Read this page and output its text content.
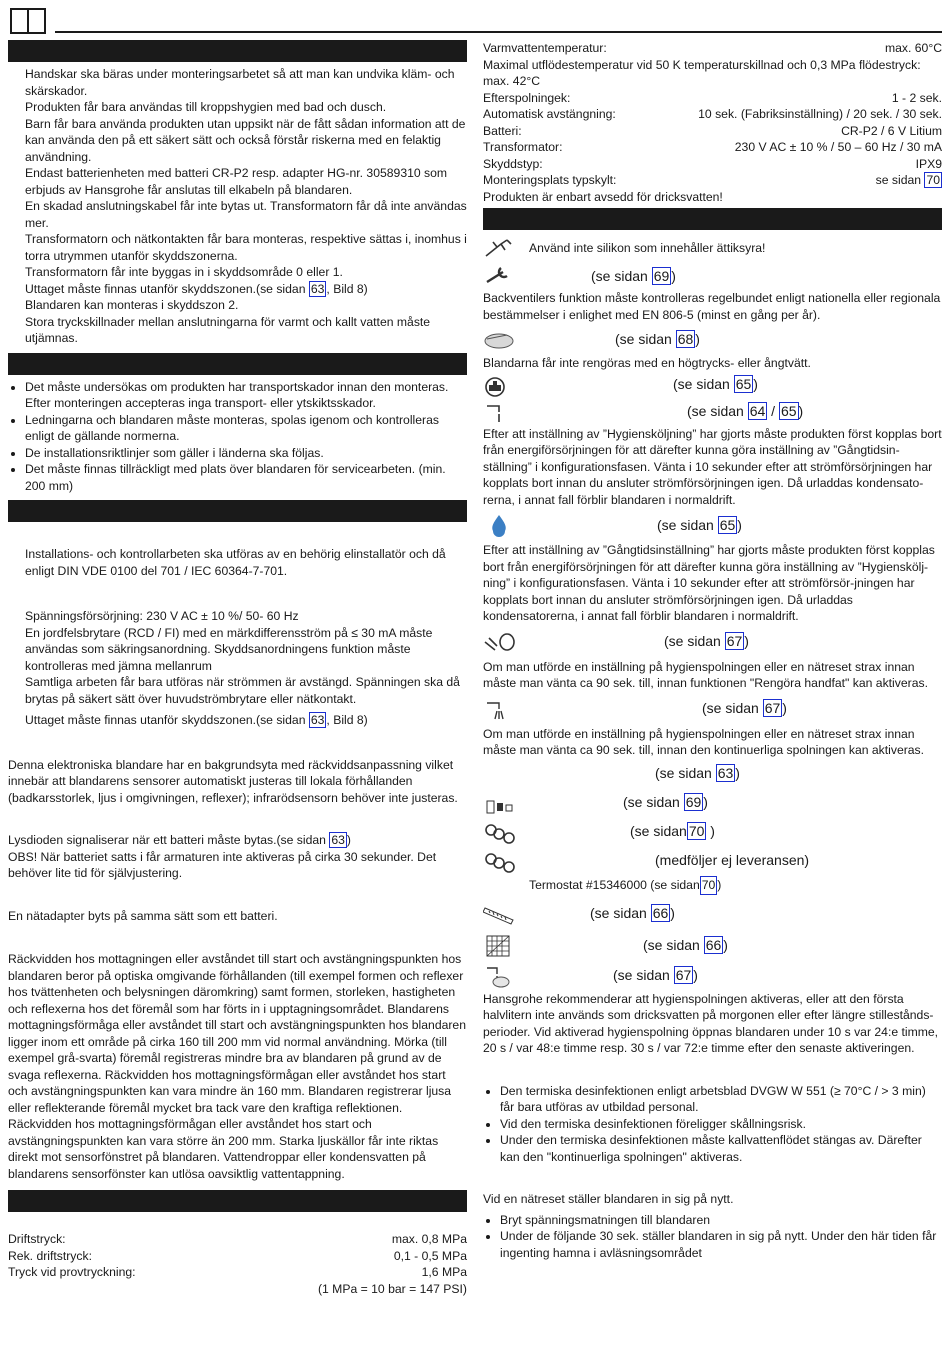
Handskar ska bäras under monteringsarbetet så att man kan undvika kläm- och skärskador.

Produkten får bara användas till kroppshygien med bad och dusch.

Barn får bara använda produkten utan uppsikt när de fått sådan information att de kan använda den på ett säkert sätt och också förstår riskerna med en felaktig användning.

Endast batterienheten med batteri CR-P2 resp. adapter HG-nr. 30589310 som erbjuds av Hansgrohe får anslutas till elkabeln på blandaren.

En skadad anslutningskabel får inte bytas ut. Transformatorn får då inte användas mer.

Transformatorn och nätkontakten får bara monteras, respektive sättas i, inomhus i torra utrymmen utanför skyddszonerna.

Transformatorn får inte byggas in i skyddsområde 0 eller 1.

Uttaget måste finnas utanför skyddszonen.(se sidan 63 , Bild 8)

Blandaren kan monteras i skyddszon 2.

Stora tryckskillnader mellan anslutningarna för varmt och kallt vatten måste utjämnas.

• Det måste undersökas om produkten har transportskador innan den monteras. Efter monteringen accepteras inga transport- eller ytskiktsskador.
• Ledningarna och blandaren måste monteras, spolas igenom och kontrolleras enligt de gällande normerna.
• De installationsriktlinjer som gäller i länderna ska följas.
• Det måste finnas tillräckligt med plats över blandaren för servicearbeten. (min. 200 mm)

Installations- och kontrollarbeten ska utföras av en behörig elinstallatör och då enligt DIN VDE 0100 del 701 / IEC 60364-7-701.

Spänningsförsörjning: 230 V AC ± 10 %/ 50- 60 Hz

En jordfelsbrytare (RCD / FI) med en märkdifferensström på ≤ 30 mA måste användas som säkringsanordning. Skyddsanordningens funktion måste kontrolleras med jämna mellanrum

Samtliga arbeten får bara utföras när strömmen är avstängd. Spänningen ska då brytas på säkert sätt över huvudströmbrytare eller nätkontakt.

Uttaget måste finnas utanför skyddszonen.(se sidan 63 , Bild 8)

Denna elektroniska blandare har en bakgrundsyta med räckviddsanpassning vilket innebär att blandarens sensorer automatiskt justeras till lokala förhållanden (badkarsstorlek, ljus i omgivningen, reflexer); infrarödsensorn behöver inte justeras.

Lysdioden signaliserar när ett batteri måste bytas.(se sidan 63 )

OBS! När batteriet satts i får armaturen inte aktiveras på cirka 30 sekunder. Det behöver lite tid för självjustering.

En nätadapter byts på samma sätt som ett batteri.

Räckvidden hos mottagningen eller avståndet till start och avstängningspunkten hos blandaren beror på optiska omgivande förhållanden (till exempel formen och reflexer hos tvättenheten och belysningen däromkring) samt formen, storleken, hastigheten och reflexerna hos det föremål som har förts in i upptagningsområdet. Blandarens mottagningsförmåga eller avståndet till start och avstängningspunkten hos blandaren ligger inom ett område på cirka 160 till 200 mm vid normal användning. Mörka (till exempel grå-svarta) föremål registreras mindre bra av blandaren på grund av de svaga reflexerna. Räckvidden hos mottagningsförmågan eller avståndet hos start och avstängningspunkten kan vara mindre än 160 mm. Blandaren registrerar ljusa eller reflekterande föremål mycket bra tack vare den kraftiga reflektionen. Räckvidden hos mottagningsförmågan eller avståndet hos start och avstängningspunkten kan vara större än 200 mm. Starka ljuskällor får inte riktas direkt mot sensorfönstret på blandaren. Vattendroppar eller kondensvatten på blandarens sensorfönster kan utlösa oavsiktlig vattentappning.

Driftstryck:	max. 0,8 MPa
Rek. driftstryck:	0,1 - 0,5 MPa
Tryck vid provtryckning:	1,6 MPa
(1 MPa = 10 bar = 147 PSI)
Varmvattentemperatur:	max. 60°C

Maximal utflödestemperatur vid 50 K temperaturskillnad och 0,3 MPa flödestryck: max. 42°C

Efterspolningek:	1 - 2 sek.
Automatisk avstängning:	10 sek. (Fabriksinställning) / 20 sek. / 30 sek.
Batteri:	CR-P2 / 6 V Litium
Transformator:	230 V AC ± 10 % / 50 – 60 Hz / 30 mA
Skyddstyp:	IPX9
Monteringsplats typskylt:	se sidan 70

Produkten är enbart avsedd för dricksvatten!

Använd inte silikon som innehåller ättiksyra!
(se sidan 69 )

Backventilers funktion måste kontrolleras regelbundet enligt nationella eller regionala bestämmelser i enlighet med EN 806-5 (minst en gång per år).

(se sidan 68 )

Blandarna får inte rengöras med en högtrycks- eller ångtvätt.

(se sidan 65 )
(se sidan 64 / 65 )

Efter att inställning av ”Hygiensköljning” har gjorts måste produkten först kopplas bort från energiförsörjningen för att därefter kunna göra inställning av ”Gångtidsin-ställning” i konfigurationsfasen. Vänta i 10 sekunder efter att strömförsörjningen har kopplats bort innan du ansluter strömförsörjningen igen. Då urladdas kondensato-rerna, i annat fall förblir blandaren i normaldrift.

(se sidan 65 )

Efter att inställning av ”Gångtidsinställning” har gjorts måste produkten först kopplas bort från energiförsörjningen för att därefter kunna göra inställning av ”Hygiensköljning” i konfigurationsfasen. Vänta i 10 sekunder efter att strömförsör-jningen har kopplats bort innan du ansluter strömförsörjningen igen. Då urladdas kondensatorerna, i annat fall förblir blandaren i normaldrift.

(se sidan 67 )

Om man utförde en inställning på hygienspolningen eller en nätreset strax innan måste man vänta ca 90 sek. till, innan funktionen "Rengöra handfat" kan aktiveras.

(se sidan 67 )

Om man utförde en inställning på hygienspolningen eller en nätreset strax innan måste man vänta ca 90 sek. till, innan den kontinuerliga spolningen kan aktiveras.

(se sidan 63 )
(se sidan 69 )
(se sidan 70 )
(medföljer ej leveransen)
Termostat #15346000 (se sidan 70 )
(se sidan 66 )
(se sidan 66 )
(se sidan 67 )

Hansgrohe rekommenderar att hygienspolningen aktiveras, eller att den första halvlitern inte används som dricksvatten på morgonen eller efter längre stillestånds-perioder. Vid aktiverad hygienspolning öppnas blandaren under 10 s var 24:e timme, 20 s / var 48:e timme resp. 30 s / var 72:e timme efter den senaste aktiveringen.

• Den termiska desinfektionen enligt arbetsblad DVGW W 551 (≥ 70°C / > 3 min) får bara utföras av utbildad personal.
• Vid den termiska desinfektionen föreligger skållningsrisk.
• Under den termiska desinfektionen måste kallvattenflödet stängas av. Därefter kan den "kontinuerliga spolningen" aktiveras.

Vid en nätreset ställer blandaren in sig på nytt.

• Bryt spänningsmatningen till blandaren
• Under de följande 30 sek. ställer blandaren in sig på nytt. Under den här tiden får ingenting hamna i avläsningsområdet
